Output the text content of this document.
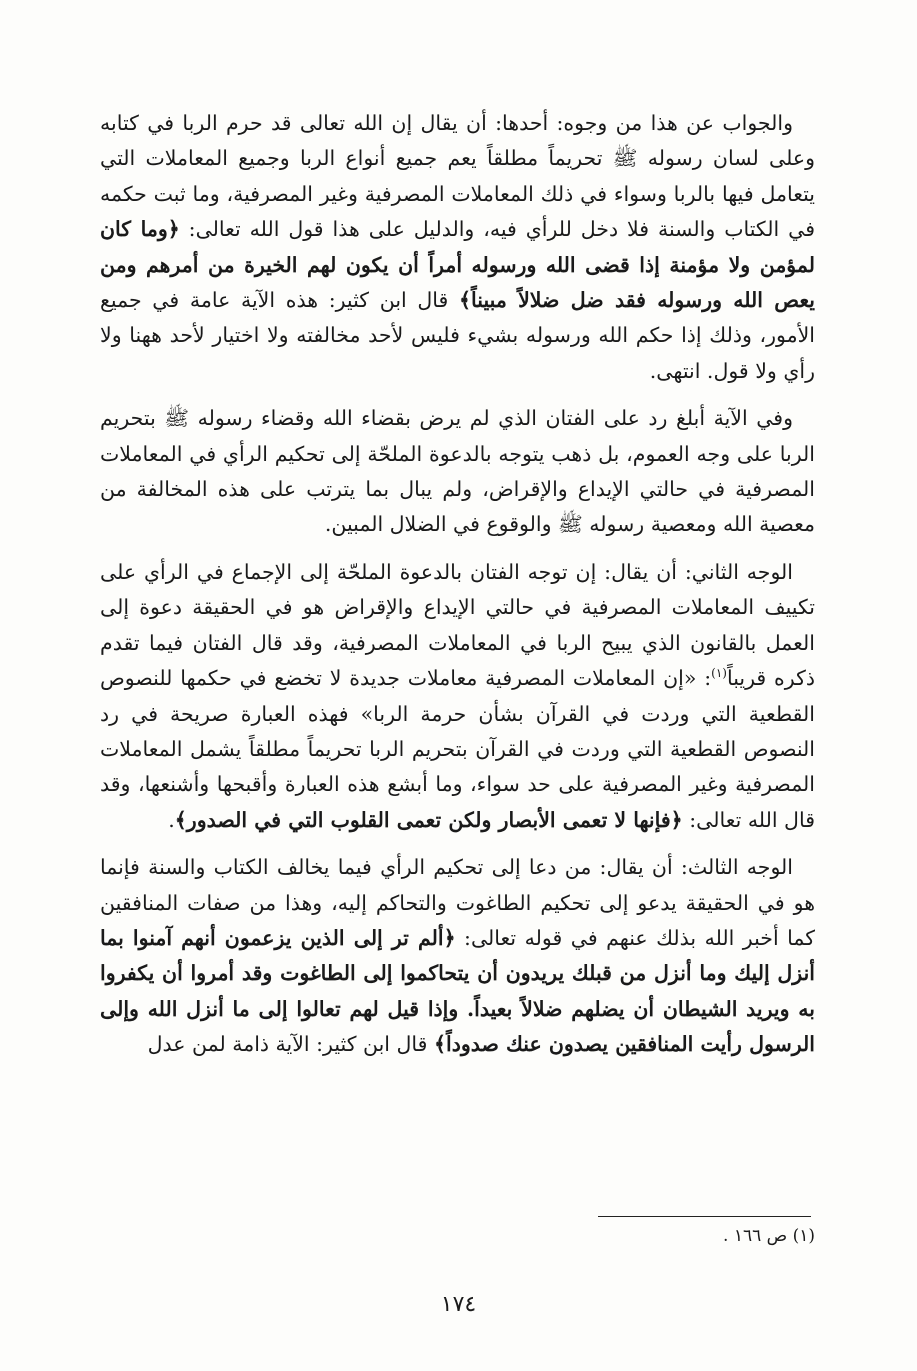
والجواب عن هذا من وجوه: أحدها: أن يقال إن الله تعالى قد حرم الربا في كتابه وعلى لسان رسوله ﷺ تحريماً مطلقاً يعم جميع أنواع الربا وجميع المعاملات التي يتعامل فيها بالربا وسواء في ذلك المعاملات المصرفية وغير المصرفية، وما ثبت حكمه في الكتاب والسنة فلا دخل للرأي فيه، والدليل على هذا قول الله تعالى: ﴿وما كان لمؤمن ولا مؤمنة إذا قضى الله ورسوله أمراً أن يكون لهم الخيرة من أمرهم ومن يعص الله ورسوله فقد ضل ضلالاً مبيناً﴾ قال ابن كثير: هذه الآية عامة في جميع الأمور، وذلك إذا حكم الله ورسوله بشيء فليس لأحد مخالفته ولا اختيار لأحد ههنا ولا رأي ولا قول. انتهى.

وفي الآية أبلغ رد على الفتان الذي لم يرض بقضاء الله وقضاء رسوله ﷺ بتحريم الربا على وجه العموم، بل ذهب يتوجه بالدعوة الملحّة إلى تحكيم الرأي في المعاملات المصرفية في حالتي الإيداع والإقراض، ولم يبال بما يترتب على هذه المخالفة من معصية الله ومعصية رسوله ﷺ والوقوع في الضلال المبين.

الوجه الثاني: أن يقال: إن توجه الفتان بالدعوة الملحّة إلى الإجماع في الرأي على تكييف المعاملات المصرفية في حالتي الإيداع والإقراض هو في الحقيقة دعوة إلى العمل بالقانون الذي يبيح الربا في المعاملات المصرفية، وقد قال الفتان فيما تقدم ذكره قريباً$^{(١)}$: «إن المعاملات المصرفية معاملات جديدة لا تخضع في حكمها للنصوص القطعية التي وردت في القرآن بشأن حرمة الربا» فهذه العبارة صريحة في رد النصوص القطعية التي وردت في القرآن بتحريم الربا تحريماً مطلقاً يشمل المعاملات المصرفية وغير المصرفية على حد سواء، وما أبشع هذه العبارة وأقبحها وأشنعها، وقد قال الله تعالى: ﴿فإنها لا تعمى الأبصار ولكن تعمى القلوب التي في الصدور﴾.

الوجه الثالث: أن يقال: من دعا إلى تحكيم الرأي فيما يخالف الكتاب والسنة فإنما هو في الحقيقة يدعو إلى تحكيم الطاغوت والتحاكم إليه، وهذا من صفات المنافقين كما أخبر الله بذلك عنهم في قوله تعالى: ﴿ألم تر إلى الذين يزعمون أنهم آمنوا بما أنزل إليك وما أنزل من قبلك يريدون أن يتحاكموا إلى الطاغوت وقد أمروا أن يكفروا به ويريد الشيطان أن يضلهم ضلالاً بعيداً. وإذا قيل لهم تعالوا إلى ما أنزل الله وإلى الرسول رأيت المنافقين يصدون عنك صدوداً﴾ قال ابن كثير: الآية ذامة لمن عدل

(١) ص ١٦٦ .
١٧٤
